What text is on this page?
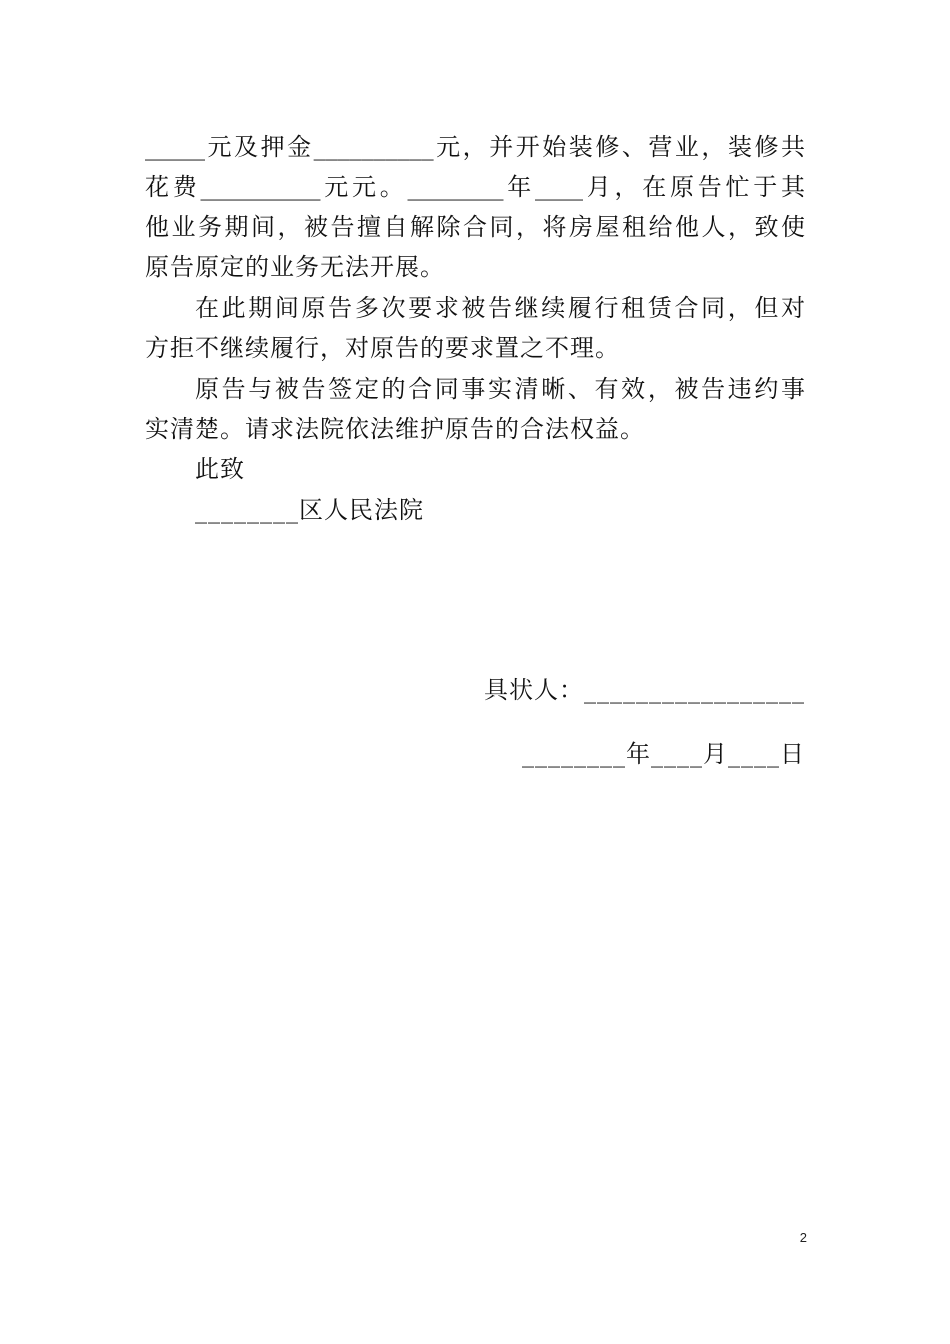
_____元及押金__________元，并开始装修、营业，装修共
花费__________元元。________年____月，在原告忙于其
他业务期间，被告擅自解除合同，将房屋租给他人，致使
原告原定的业务无法开展。
在此期间原告多次要求被告继续履行租赁合同，但对
方拒不继续履行，对原告的要求置之不理。
原告与被告签定的合同事实清晰、有效，被告违约事
实清楚。请求法院依法维护原告的合法权益。
此致
________区人民法院
具状人：_________________
________年____月____日
2
